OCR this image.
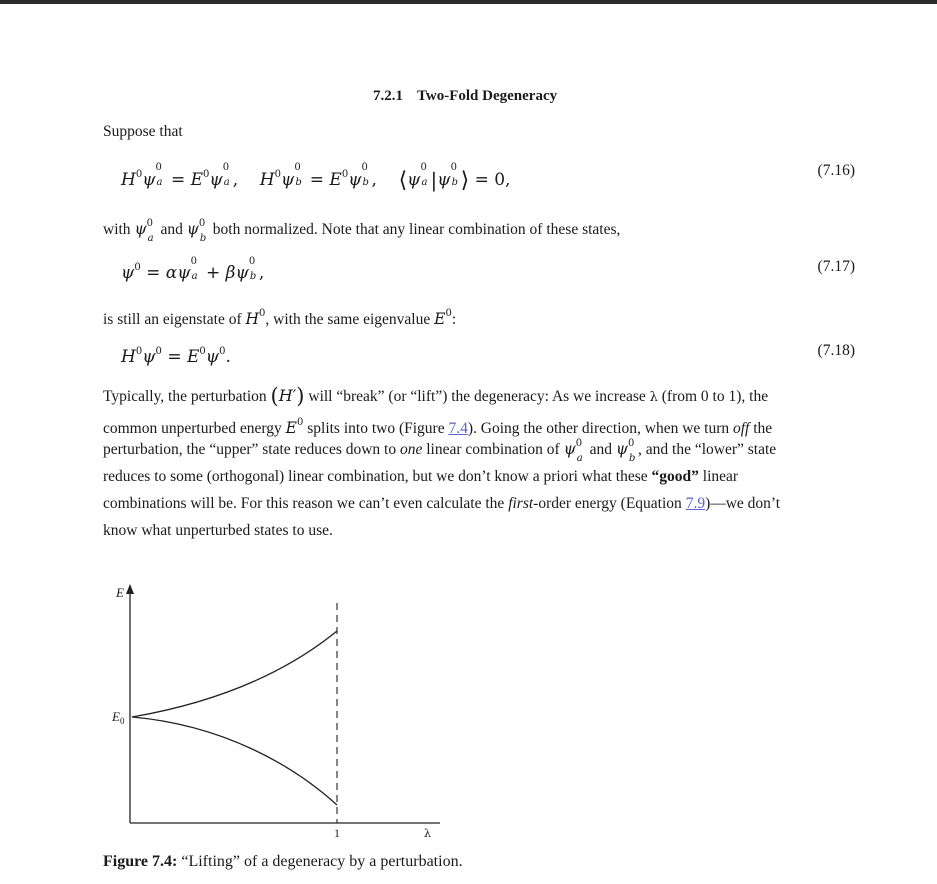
7.2.1 Two-Fold Degeneracy
Suppose that
$H^0\psi$
0
$a = E^0\psi$
0
a ,    $H^0\psi$
0
$b = E^0\psi$
0
b , ⟨ψ
0
a |ψ
0
b ⟩ = 0,	(7.16)
with ψ 0
a
and ψ 0
b
both normalized. Note that any linear combination of these states,
$\psi^0 = \alpha\psi$
0
a + βψ
0
b ,	(7.17)
is still an eigenstate of $H^0$, with the same eigenvalue $E^0$:
$H^0\psi^0 = E^0\psi^0$.	(7.18)
Typically, the perturbation (H′) will “break” (or “lift”) the degeneracy: As we increase λ (from 0 to 1), the
common unperturbed energy $E^0$ splits into two (Figure 7.4). Going the other direction, when we turn off the
perturbation, the “upper” state reduces down to one linear combination of ψ 0
a
and ψ 0
b
, and the “lower” state
reduces to some (orthogonal) linear combination, but we don’t know a priori what these “good” linear
combinations will be. For this reason we can’t even calculate the first-order energy (Equation 7.9)—we don’t
know what unperturbed states to use.
E
E 0
1	λ
Figure 7.4: “Lifting” of a degeneracy by a perturbation.
